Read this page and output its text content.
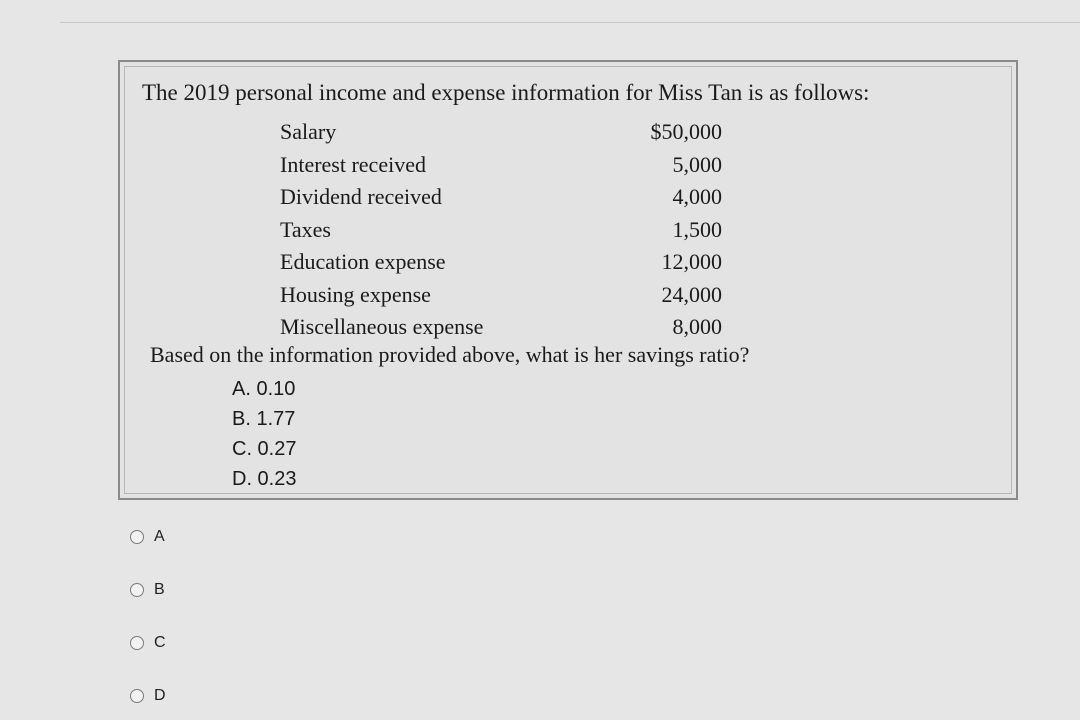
The 2019 personal income and expense information for Miss Tan is as follows:
Salary	$50,000
Interest received	5,000
Dividend received	4,000
Taxes	1,500
Education expense	12,000
Housing expense	24,000
Miscellaneous expense	8,000
Based on the information provided above, what is her savings ratio?
A. 0.10
B. 1.77
C. 0.27
D. 0.23
A
B
C
D
